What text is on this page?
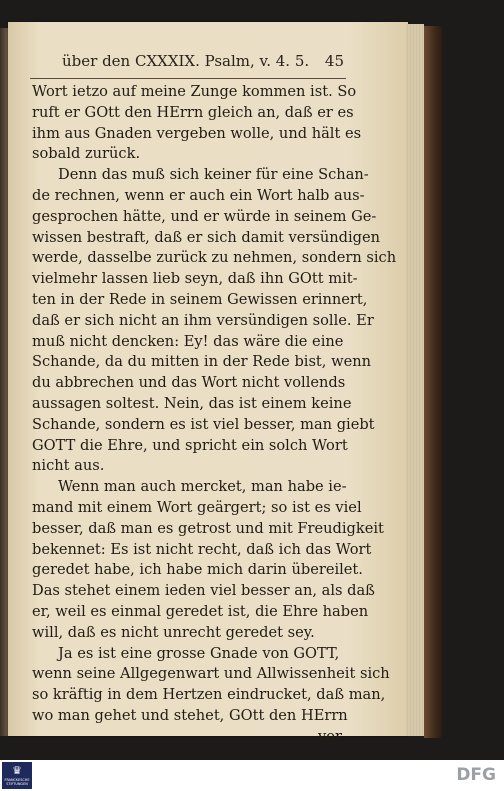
über den CXXXIX. Psalm, v. 4. 5. 45
Wort ietzo auf meine Zunge kommen ist. So
ruft er GOtt den HErrn gleich an, daß er es
ihm aus Gnaden vergeben wolle, und hält es
sobald zurück.
Denn das muß sich keiner für eine Schan-
de rechnen, wenn er auch ein Wort halb aus-
gesprochen hätte, und er würde in seinem Ge-
wissen bestraft, daß er sich damit versündigen
werde, dasselbe zurück zu nehmen, sondern sich
vielmehr lassen lieb seyn, daß ihn GOtt mit-
ten in der Rede in seinem Gewissen erinnert,
daß er sich nicht an ihm versündigen solle. Er
muß nicht dencken: Ey! das wäre die eine
Schande, da du mitten in der Rede bist, wenn
du abbrechen und das Wort nicht vollends
aussagen soltest. Nein, das ist einem keine
Schande, sondern es ist viel besser, man giebt
GOTT die Ehre, und spricht ein solch Wort
nicht aus.
Wenn man auch mercket, man habe ie-
mand mit einem Wort geärgert; so ist es viel
besser, daß man es getrost und mit Freudigkeit
bekennet: Es ist nicht recht, daß ich das Wort
geredet habe, ich habe mich darin übereilet.
Das stehet einem ieden viel besser an, als daß
er, weil es einmal geredet ist, die Ehre haben
will, daß es nicht unrecht geredet sey.
Ja es ist eine grosse Gnade von GOTT,
wenn seine Allgegenwart und Allwissenheit sich
so kräftig in dem Hertzen eindrucket, daß man,
wo man gehet und stehet, GOtt den HErrn
vor
♛
FRANCKESCHE STIFTUNGEN	DFG
